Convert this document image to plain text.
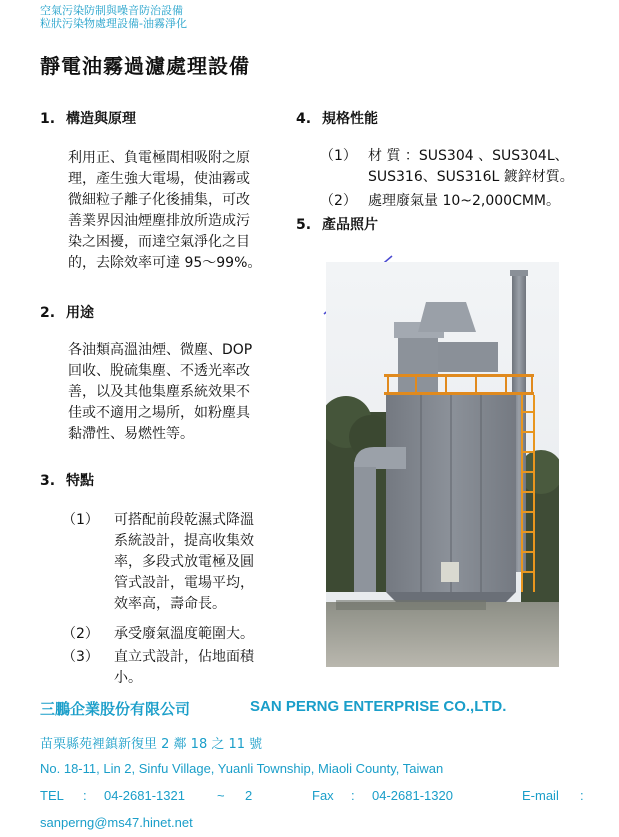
空氣污染防制與噪音防治設備
粒狀污染物處理設備-油霧淨化
靜電油霧過濾處理設備
1. 構造與原理
利用正、負電極間相吸附之原
理，產生強大電場，使油霧或
微細粒子離子化後捕集，可改
善業界因油煙塵排放所造成污
染之困擾，而達空氣淨化之目
的，去除效率可達 95～99%。
2. 用途
各油類高溫油煙、微塵、DOP
回收、脫硫集塵、不透光率改
善，以及其他集塵系統效果不
佳或不適用之場所，如粉塵具
黏滯性、易燃性等。
3. 特點
（1） 可搭配前段乾濕式降溫
系統設計，提高收集效
率，多段式放電極及圓
管式設計，電場平均，
效率高，壽命長。
（2） 承受廢氣溫度範圍大。
（3） 直立式設計，佔地面積
小。
4. 規格性能
（1） 材 質 ：SUS304 、SUS304L、
SUS316、SUS316L 鍍鋅材質。
（2） 處理廢氣量 10~2,000CMM。
5. 產品照片
三鵬企業股份有限公司	SAN PERNG ENTERPRISE CO.,LTD.
苗栗縣苑裡鎮新復里 2 鄰 18 之 11 號
No. 18-11, Lin 2, Sinfu Village, Yuanli Township, Miaoli County, Taiwan
TEL : 04-2681-1321 ~ 2	Fax : 04-2681-1320	E-mail :
sanperng@ms47.hinet.net
